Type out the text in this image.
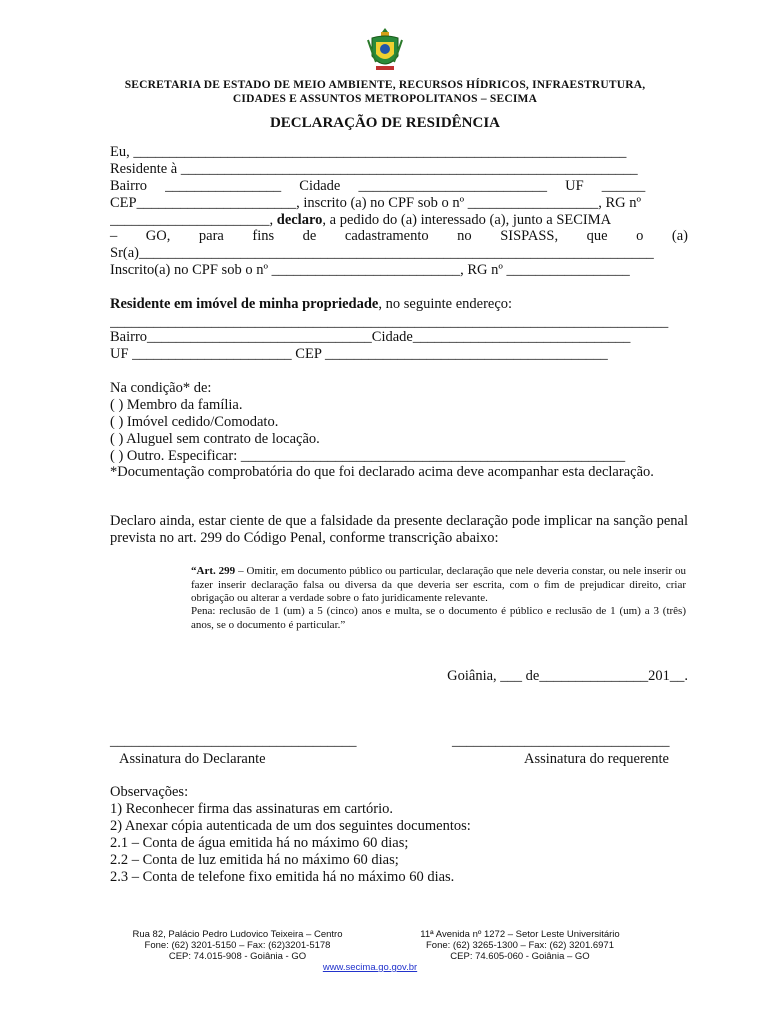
SECRETARIA DE ESTADO DE MEIO AMBIENTE, RECURSOS HÍDRICOS, INFRAESTRUTURA,
CIDADES E ASSUNTOS METROPOLITANOS – SECIMA
DECLARAÇÃO DE RESIDÊNCIA
Eu, ____________________________________________________________________
Residente à _______________________________________________________________
Bairro     ________________     Cidade     __________________________     UF     ______
CEP______________________, inscrito (a) no CPF sob o nº __________________, RG nº
______________________, declaro, a pedido do (a) interessado (a), junto a SECIMA
– GO, para fins de cadastramento no SISPASS, que o (a)
Sr(a)_______________________________________________________________________
Inscrito(a) no CPF sob o nº __________________________, RG nº _________________
Residente em imóvel de minha propriedade, no seguinte endereço:
_____________________________________________________________________________
Bairro_______________________________Cidade______________________________
UF ______________________ CEP _______________________________________
Na condição* de:
( ) Membro da família.
( ) Imóvel cedido/Comodato.
( ) Aluguel sem contrato de locação.
( ) Outro. Especificar: _____________________________________________________
*Documentação comprobatória do que foi declarado acima deve acompanhar esta declaração.
Declaro ainda, estar ciente de que a falsidade da presente declaração pode implicar na sanção penal prevista no art. 299 do Código Penal, conforme transcrição abaixo:
“Art. 299 – Omitir, em documento público ou particular, declaração que nele deveria constar, ou nele inserir ou fazer inserir declaração falsa ou diversa da que deveria ser escrita, com o fim de prejudicar direito, criar obrigação ou alterar a verdade sobre o fato juridicamente relevante.
Pena: reclusão de 1 (um) a 5 (cinco) anos e multa, se o documento é público e reclusão de 1 (um) a 3 (três) anos, se o documento é particular.”
Goiânia, ___ de_______________201__.
__________________________________
Assinatura do Declarante
______________________________
Assinatura do requerente
Observações:
1) Reconhecer firma das assinaturas em cartório.
2) Anexar cópia autenticada de um dos seguintes documentos:
2.1 – Conta de água emitida há no máximo 60 dias;
2.2 – Conta de luz emitida há no máximo 60 dias;
2.3 – Conta de telefone fixo emitida há no máximo 60 dias.
Rua 82, Palácio Pedro Ludovico Teixeira – Centro
Fone: (62) 3201-5150 – Fax: (62)3201-5178
CEP: 74.015-908 - Goiânia - GO
11ª Avenida nº 1272 – Setor Leste Universitário
Fone: (62) 3265-1300 – Fax: (62) 3201.6971
CEP: 74.605-060 - Goiânia – GO
www.secima.go.gov.br
